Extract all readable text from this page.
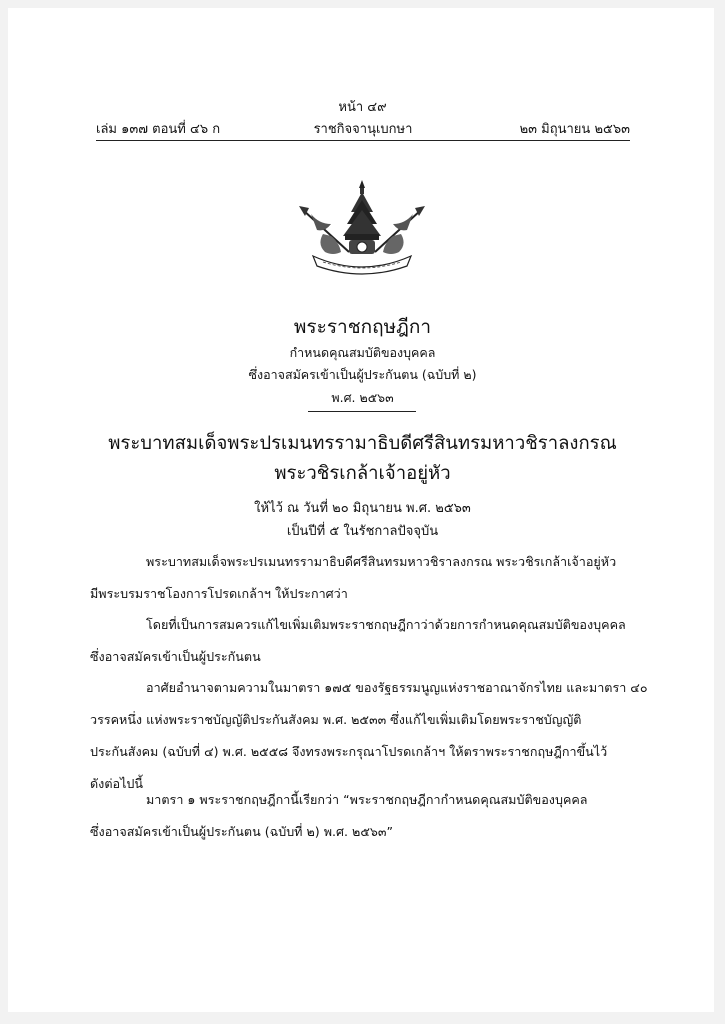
หน้า ๔๙
เล่ม ๑๓๗ ตอนที่ ๔๖ ก	ราชกิจจานุเบกษา	๒๓ มิถุนายน ๒๕๖๓
พระราชกฤษฎีกา
กำหนดคุณสมบัติของบุคคล
ซึ่งอาจสมัครเข้าเป็นผู้ประกันตน (ฉบับที่ ๒)
พ.ศ. ๒๕๖๓
พระบาทสมเด็จพระปรเมนทรรามาธิบดีศรีสินทรมหาวชิราลงกรณ
พระวชิรเกล้าเจ้าอยู่หัว
ให้ไว้ ณ วันที่ ๒๐ มิถุนายน พ.ศ. ๒๕๖๓
เป็นปีที่ ๕ ในรัชกาลปัจจุบัน
พระบาทสมเด็จพระปรเมนทรรามาธิบดีศรีสินทรมหาวชิราลงกรณ พระวชิรเกล้าเจ้าอยู่หัว
มีพระบรมราชโองการโปรดเกล้าฯ ให้ประกาศว่า
โดยที่เป็นการสมควรแก้ไขเพิ่มเติมพระราชกฤษฎีกาว่าด้วยการกำหนดคุณสมบัติของบุคคล
ซึ่งอาจสมัครเข้าเป็นผู้ประกันตน
อาศัยอำนาจตามความในมาตรา ๑๗๕ ของรัฐธรรมนูญแห่งราชอาณาจักรไทย และมาตรา ๔๐
วรรคหนึ่ง แห่งพระราชบัญญัติประกันสังคม พ.ศ. ๒๕๓๓ ซึ่งแก้ไขเพิ่มเติมโดยพระราชบัญญัติ
ประกันสังคม (ฉบับที่ ๔) พ.ศ. ๒๕๕๘ จึงทรงพระกรุณาโปรดเกล้าฯ ให้ตราพระราชกฤษฎีกาขึ้นไว้
ดังต่อไปนี้
มาตรา ๑ พระราชกฤษฎีกานี้เรียกว่า “พระราชกฤษฎีกากำหนดคุณสมบัติของบุคคล
ซึ่งอาจสมัครเข้าเป็นผู้ประกันตน (ฉบับที่ ๒) พ.ศ. ๒๕๖๓”
